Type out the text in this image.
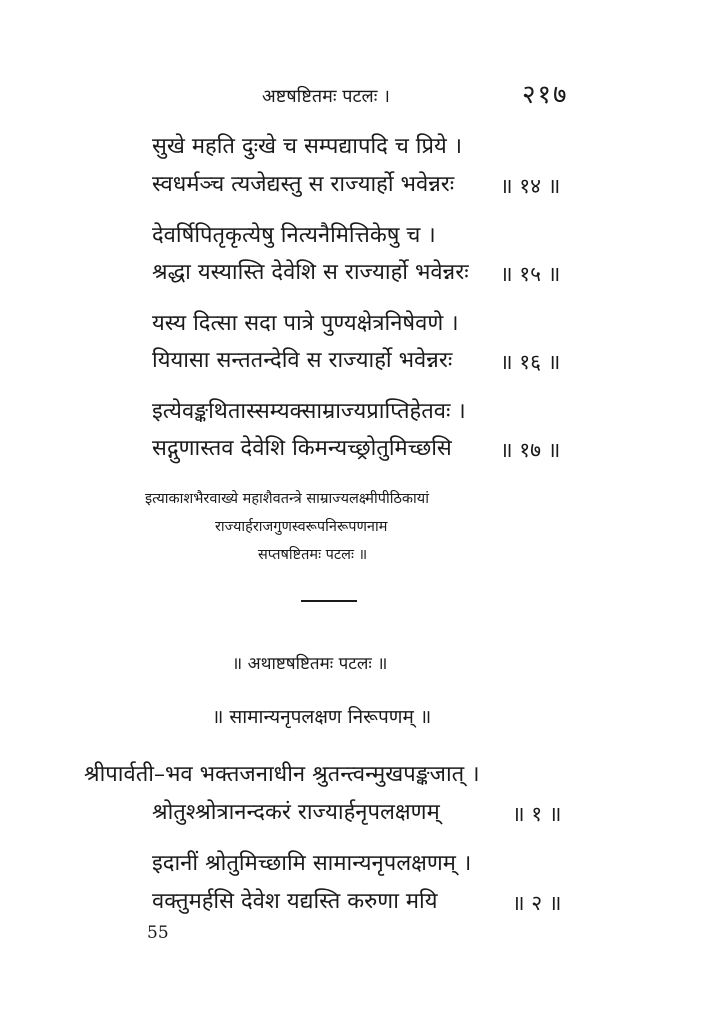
अष्टषष्टितमः पटलः ।	२१७
सुखे महति दुःखे च सम्पद्यापदि च प्रिये ।
स्वधर्मञ्च त्यजेद्यस्तु स राज्यार्हो भवेन्नरः ॥ १४ ॥
देवर्षिपितृकृत्येषु नित्यनैमित्तिकेषु च ।
श्रद्धा यस्यास्ति देवेशि स राज्यार्हो भवेन्नरः ॥ १५ ॥
यस्य दित्सा सदा पात्रे पुण्यक्षेत्रनिषेवणे ।
यियासा सन्ततन्देवि स राज्यार्हो भवेन्नरः ॥ १६ ॥
इत्येवङ्कथितास्सम्यक्साम्राज्यप्राप्तिहेतवः ।
सद्गुणास्तव देवेशि किमन्यच्छ्रोतुमिच्छसि ॥ १७ ॥
इत्याकाशभैरवाख्ये महाशैवतन्त्रे साम्राज्यलक्ष्मीपीठिकायां
राज्यार्हराजगुणस्वरूपनिरूपणनाम
सप्तषष्टितमः पटलः ॥
॥ अथाष्टषष्टितमः पटलः ॥
॥ सामान्यनृपलक्षण निरूपणम् ॥
श्रीपार्वती–भव भक्तजनाधीन श्रुतन्त्वन्मुखपङ्कजात् ।
श्रोतुश्श्रोत्रानन्दकरं राज्यार्हनृपलक्षणम्	॥ १ ॥
इदानीं श्रोतुमिच्छामि सामान्यनृपलक्षणम् ।
वक्तुमर्हसि देवेश यद्यस्ति करुणा मयि	॥ २ ॥
55
